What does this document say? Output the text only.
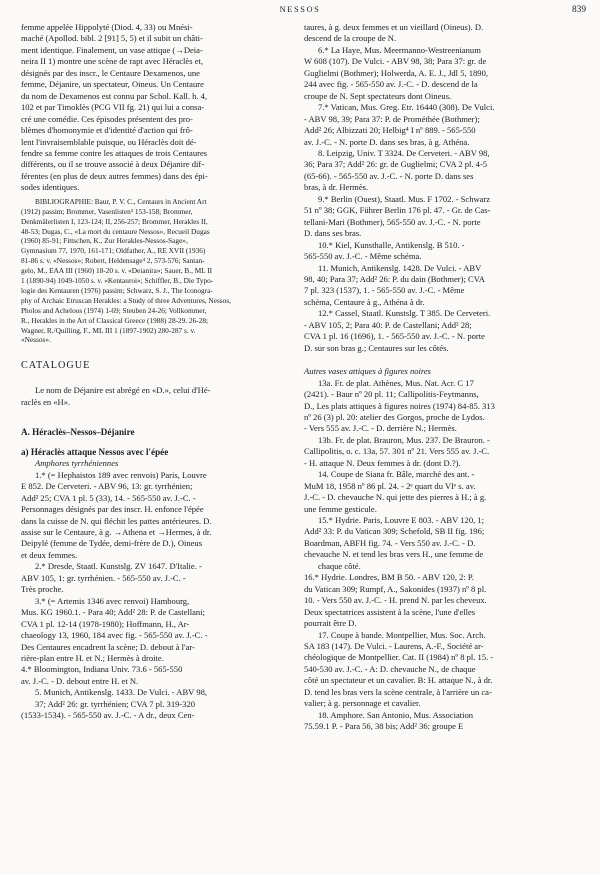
NESSOS	839
femme appelée Hippolyté (Diod. 4, 33) ou Mnési-
maché (Apollod. bibl. 2 [91] 5, 5) et il subit un châti-
ment identique. Finalement, un vase attique (→Deia-
neira II 1) montre une scène de rapt avec Héraclès et,
désignés par des inscr., le Centaure Dexamenos, une
femme, Déjanire, un spectateur, Oineus. Un Centaure
du nom de Dexamenos est connu par Schol. Kall. h. 4,
102 et par Timoklès (PCG VII fg. 21) qui lui a consa-
cré une comédie. Ces épisodes présentent des pro-
blèmes d'homonymie et d'identité d'action qui frô-
lent l'invraisemblable puisque, ou Héraclès doit dé-
fendre sa femme contre les attaques de trois Centaures
différents, ou il se trouve associé à deux Déjanire dif-
férentes (en plus de deux autres femmes) dans des épi-
sodes identiques.
BIBLIOGRAPHIE: Baur, P. V. C., Centaurs in Ancient Art
(1912) passim; Brommer, Vasenlisten³ 153-158; Brommer,
Denkmälerlisten I, 123-124; II, 256-257; Brommer, Herakles II,
48-53; Dugas, C., «La mort du centaure Nessos», Recueil Dugas
(1960) 85-91; Fittschen, K., Zur Herakles-Nessos-Sage»,
Gymnasium 77, 1970, 161-171; Oldfather, A., RE XVII (1936)
81-86 s. v. «Nessos»; Robert, Heldensage⁴ 2, 573-576; Santan-
gelo, M., EAA III (1960) 18-20 s. v. «Deianira»; Sauer, B., ML II
1 (1890-94) 1049-1050 s. v. «Kentauroi»; Schiffler, B., Die Typo-
logie des Kentauren (1976) passim; Schwarz, S. J., The Iconogra-
phy of Archaic Etruscan Herakles: a Study of three Adventures, Nessos,
Pholos and Acheloos (1974) 1-69; Steuben 24-26; Vollkommer,
R., Herakles in the Art of Classical Greece (1988) 28-29. 26-28;
Wagner, R./Quilling, F., ML III 1 (1897-1902) 280-287 s. v.
«Nessos».
CATALOGUE
Le nom de Déjanire est abrégé en «D.», celui d'Hé-
raclès en «H».
A. Héraclès–Nessos–Déjanire
a) Héraclès attaque Nessos avec l'épée
Amphores tyrrhéniennes
1.* (= Hephaistos 189 avec renvois) Paris, Louvre
E 852. De Cerveteri. - ABV 96, 13: gr. tyrrhénien;
Add² 25; CVA 1 pl. 5 (33), 14. - 565-550 av. J.-C. -
Personnages désignés par des inscr. H. enfonce l'épée
dans la cuisse de N. qui fléchit les pattes antérieures. D.
assise sur le Centaure, à g. →Athena et →Hermes, à dr.
Deipylé (femme de Tydée, demi-frère de D.), Oineus
et deux femmes.
2.* Dresde, Staatl. Kunstslg. ZV 1647. D'Italie. -
ABV 105, 1: gr. tyrrhénien. - 565-550 av. J.-C. -
Très proche.
3.* (= Artemis 1346 avec renvoi) Hambourg,
Mus. KG 1960.1. - Para 40; Add² 28: P. de Castellani;
CVA 1 pl. 12-14 (1978-1980); Hoffmann, H., Ar-
chaeology 13, 1960, 184 avec fig. - 565-550 av. J.-C. -
Des Centaures encadrent la scène; D. debout à l'ar-
rière-plan entre H. et N.; Hermès à droite.
4.* Bloomington, Indiana Univ. 73.6 - 565-550
av. J.-C. - D. debout entre H. et N.
5. Munich, Antikenslg. 1433. De Vulci. - ABV 98,
37; Add² 26: gr. tyrrhénien; CVA 7 pl. 319-320
(1533-1534). - 565-550 av. J.-C. - A dr., deux Cen-
taures, à g. deux femmes et un vieillard (Oineus). D.
descend de la croupe de N.
6.* La Haye, Mus. Meermanno-Westreenianum
W 608 (107). De Vulci. - ABV 98, 38; Para 37: gr. de
Guglielmi (Bothmer); Holwerda, A. E. J., Jdl 5, 1890,
244 avec fig. - 565-550 av. J.-C. - D. descend de la
croupe de N. Sept spectateurs dont Oineus.
7.* Vatican, Mus. Greg. Etr. 16440 (308). De Vulci.
- ABV 98, 39; Para 37: P. de Prométhée (Bothmer);
Add² 26; Albizzati 20; Helbig⁴ I nº 889. - 565-550
av. J.-C. - N. porte D. dans ses bras, à g. Athéna.
8. Leipzig, Univ. T 3324. De Cerveteri. - ABV 98,
36; Para 37; Add² 26: gr. de Guglielmi; CVA 2 pl. 4-5
(65-66). - 565-550 av. J.-C. - N. porte D. dans ses
bras, à dr. Hermès.
9.* Berlin (Ouest), Staatl. Mus. F 1702. - Schwarz
51 nº 38; GGK, Führer Berlin 176 pl. 47. - Gr. de Cas-
tellani-Mari (Bothmer), 565-550 av. J.-C. - N. porte
D. dans ses bras.
10.* Kiel, Kunsthalle, Antikenslg. B 510. -
565-550 av. J.-C. - Même schéma.
11. Munich, Antikenslg. 1428. De Vulci. - ABV
98, 40; Para 37; Add² 26: P. du dain (Bothmer); CVA
7 pl. 323 (1537), 1. - 565-550 av. J.-C. - Même
schéma, Centaure à g., Athéna à dr.
12.* Cassel, Staatl. Kunstslg. T 385. De Cerveteri.
- ABV 105, 2; Para 40: P. de Castellani; Add² 28;
CVA 1 pl. 16 (1696), 1. - 565-550 av. J.-C. - N. porte
D. sur son bras g.; Centaures sur les côtés.
Autres vases attiques à figures noires
13a. Fr. de plat. Athènes, Mus. Nat. Acr. C 17
(2421). - Baur nº 20 pl. 11; Callipolitis-Feytmanns,
D., Les plats attiques à figures noires (1974) 84-85. 313
nº 26 (3) pl. 20: atelier des Gorgos, proche de Lydos.
- Vers 555 av. J.-C. - D. derrière N.; Hermès.
13b. Fr. de plat. Brauron, Mus. 237. De Brauron. -
Callipolitis, o. c. 13a, 57. 301 nº 21. Vers 555 av. J.-C.
- H. attaque N. Deux femmes à dr. (dont D.?).
14. Coupe de Siana fr. Bâle, marché des ant. -
MuM 18, 1958 nº 86 pl. 24. - 2ᵉ quart du VIᵉ s. av.
J.-C. - D. chevauche N. qui jette des pierres à H.; à g.
une femme gesticule.
15.* Hydrie. Paris, Louvre E 803. - ABV 120, 1;
Add² 33: P. du Vatican 309; Schefold, SB II fig. 196;
Boardman, ABFH fig. 74. - Vers 550 av. J.-C. - D.
chevauche N. et tend les bras vers H., une femme de
chaque côté.
16.* Hydrie. Londres, BM B 50. - ABV 120, 2: P.
du Vatican 309; Rumpf, A., Sakonides (1937) nº 8 pl.
10. - Vers 550 av. J.-C. - H. prend N. par les cheveux.
Deux spectatrices assistent à la scène, l'une d'elles
pourrait être D.
17. Coupe à bande. Montpellier, Mus. Soc. Arch.
SA 183 (147). De Vulci. - Laurens, A.-F., Société ar-
chéologique de Montpellier. Cat. II (1984) nº 8 pl. 15. -
540-530 av. J.-C. - A: D. chevauche N., de chaque
côté un spectateur et un cavalier. B: H. attaque N., à dr.
D. tend les bras vers la scène centrale, à l'arrière un ca-
valier; à g. personnage et cavalier.
18. Amphore. San Antonio, Mus. Association
75.59.1 P. - Para 56, 38 bis; Add² 36: groupe E
